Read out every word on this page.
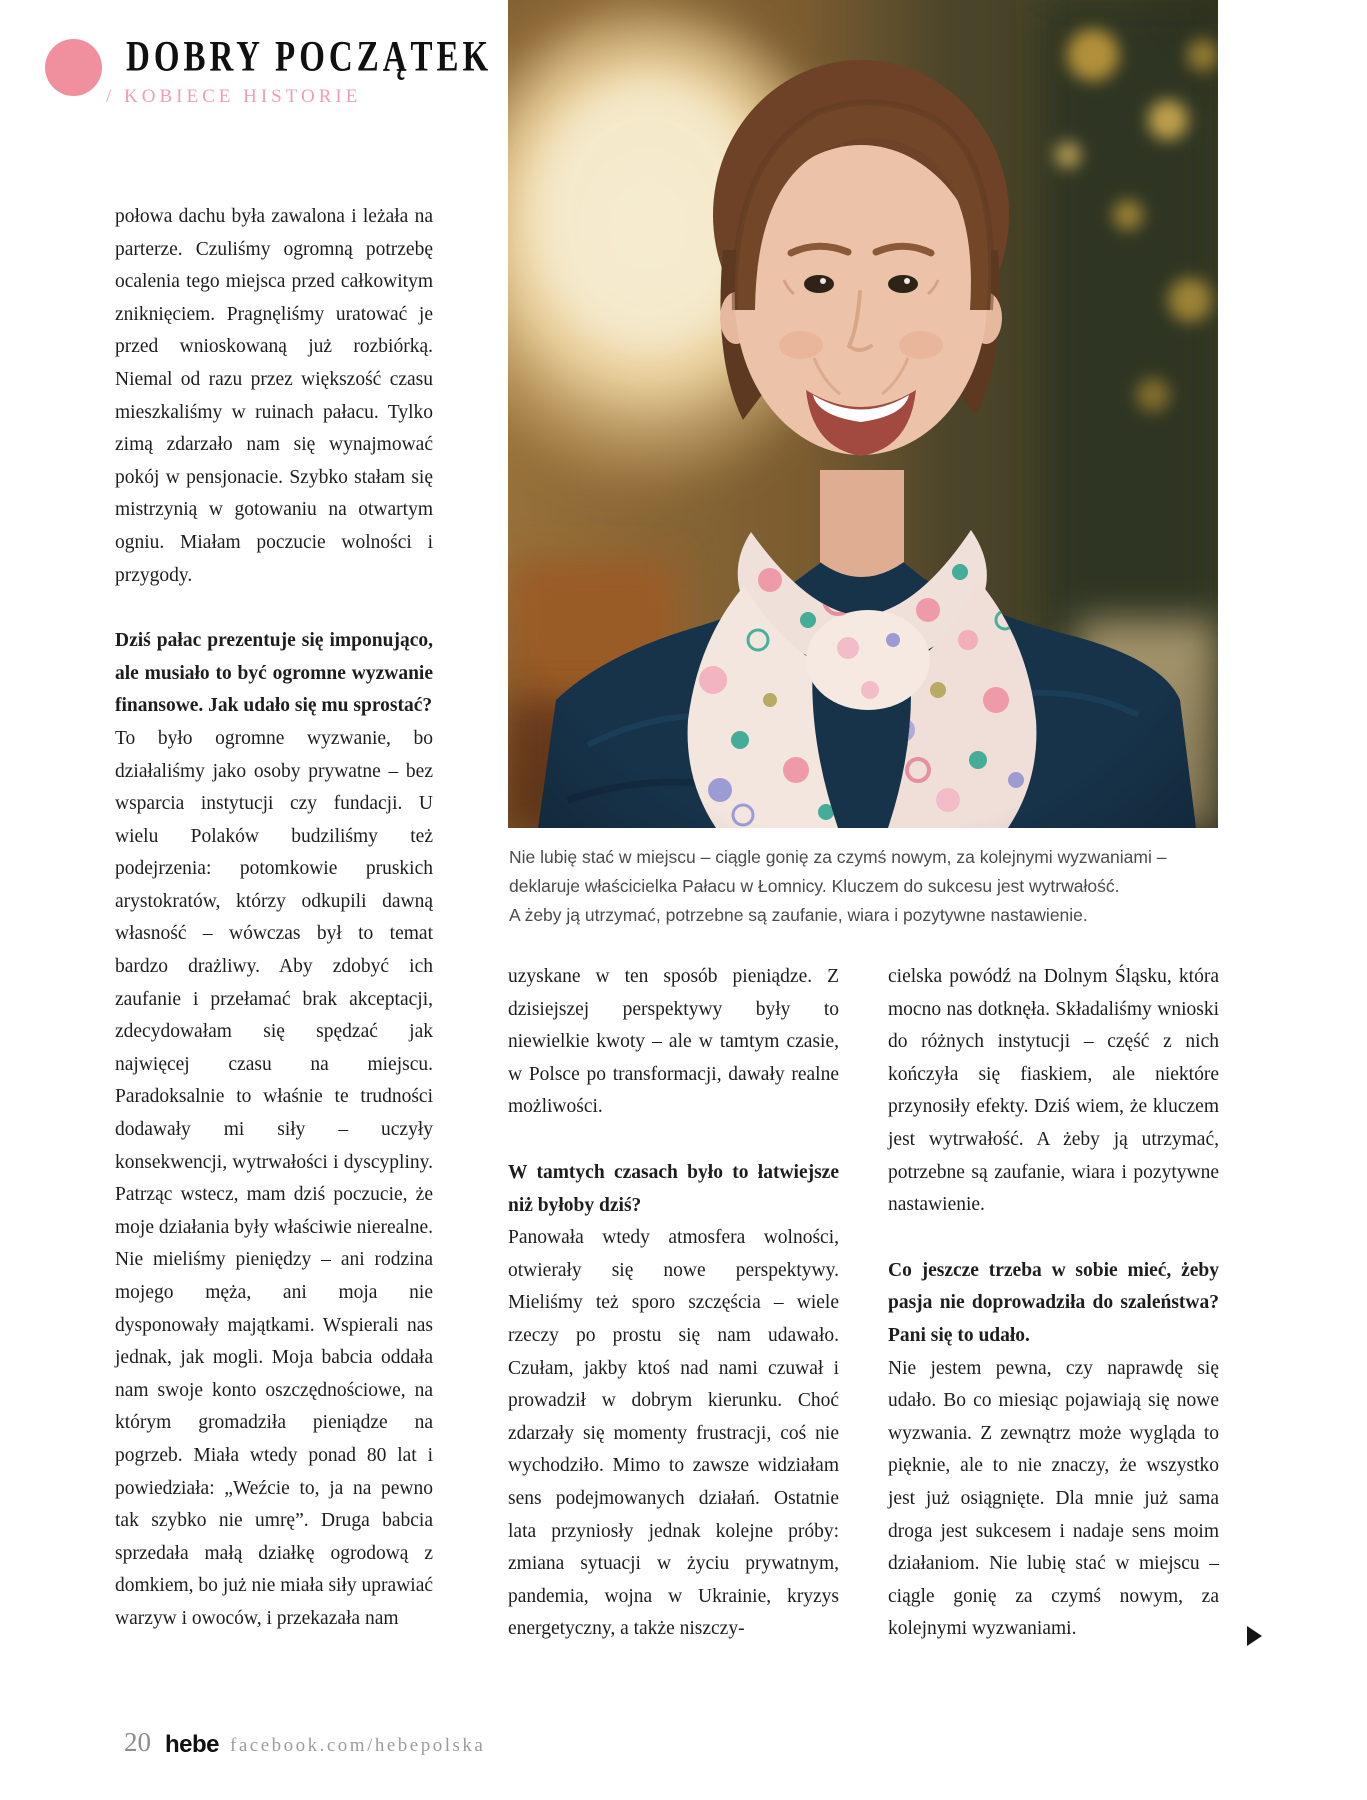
DOBRY POCZĄTEK
/ KOBIECE HISTORIE
Nie lubię stać w miejscu – ciągle gonię za czymś nowym, za kolejnymi wyzwaniami –
deklaruje właścicielka Pałacu w Łomnicy. Kluczem do sukcesu jest wytrwałość.
A żeby ją utrzymać, potrzebne są zaufanie, wiara i pozytywne nastawienie.

połowa dachu była zawalona i leżała na parterze. Czuliśmy ogromną potrzebę ocalenia tego miejsca przed całkowitym zniknięciem. Pragnęliśmy uratować je przed wnioskowaną już rozbiórką. Niemal od razu przez większość czasu mieszkaliśmy w ruinach pałacu. Tylko zimą zdarzało nam się wynajmować pokój w pensjonacie. Szybko stałam się mistrzynią w gotowaniu na otwartym ogniu. Miałam poczucie wolności i przygody.

Dziś pałac prezentuje się imponująco, ale musiało to być ogromne wyzwanie finansowe. Jak udało się mu sprostać?

To było ogromne wyzwanie, bo działaliśmy jako osoby prywatne – bez wsparcia instytucji czy fundacji. U wielu Polaków budziliśmy też podejrzenia: potomkowie pruskich arystokratów, którzy odkupili dawną własność – wówczas był to temat bardzo drażliwy. Aby zdobyć ich zaufanie i przełamać brak akceptacji, zdecydowałam się spędzać jak najwięcej czasu na miejscu. Paradoksalnie to właśnie te trudności dodawały mi siły – uczyły konsekwencji, wytrwałości i dyscypliny. Patrząc wstecz, mam dziś poczucie, że moje działania były właściwie nierealne. Nie mieliśmy pieniędzy – ani rodzina mojego męża, ani moja nie dysponowały majątkami. Wspierali nas jednak, jak mogli. Moja babcia oddała nam swoje konto oszczędnościowe, na którym gromadziła pieniądze na pogrzeb. Miała wtedy ponad 80 lat i powiedziała: „Weźcie to, ja na pewno tak szybko nie umrę”. Druga babcia sprzedała małą działkę ogrodową z domkiem, bo już nie miała siły uprawiać warzyw i owoców, i przekazała nam

uzyskane w ten sposób pieniądze. Z dzisiejszej perspektywy były to niewielkie kwoty – ale w tamtym czasie, w Polsce po transformacji, dawały realne możliwości.

W tamtych czasach było to łatwiejsze niż byłoby dziś?

Panowała wtedy atmosfera wolności, otwierały się nowe perspektywy. Mieliśmy też sporo szczęścia – wiele rzeczy po prostu się nam udawało. Czułam, jakby ktoś nad nami czuwał i prowadził w dobrym kierunku. Choć zdarzały się momenty frustracji, coś nie wychodziło. Mimo to zawsze widziałam sens podejmowanych działań. Ostatnie lata przyniosły jednak kolejne próby: zmiana sytuacji w życiu prywatnym, pandemia, wojna w Ukrainie, kryzys energetyczny, a także niszczy-

cielska powódź na Dolnym Śląsku, która mocno nas dotknęła. Składaliśmy wnioski do różnych instytucji – część z nich kończyła się fiaskiem, ale niektóre przynosiły efekty. Dziś wiem, że kluczem jest wytrwałość. A żeby ją utrzymać, potrzebne są zaufanie, wiara i pozytywne nastawienie.

Co jeszcze trzeba w sobie mieć, żeby pasja nie doprowadziła do szaleństwa? Pani się to udało.

Nie jestem pewna, czy naprawdę się udało. Bo co miesiąc pojawiają się nowe wyzwania. Z zewnątrz może wygląda to pięknie, ale to nie znaczy, że wszystko jest już osiągnięte. Dla mnie już sama droga jest sukcesem i nadaje sens moim działaniom. Nie lubię stać w miejscu – ciągle gonię za czymś nowym, za kolejnymi wyzwaniami.

20 hebe facebook.com/hebepolska
